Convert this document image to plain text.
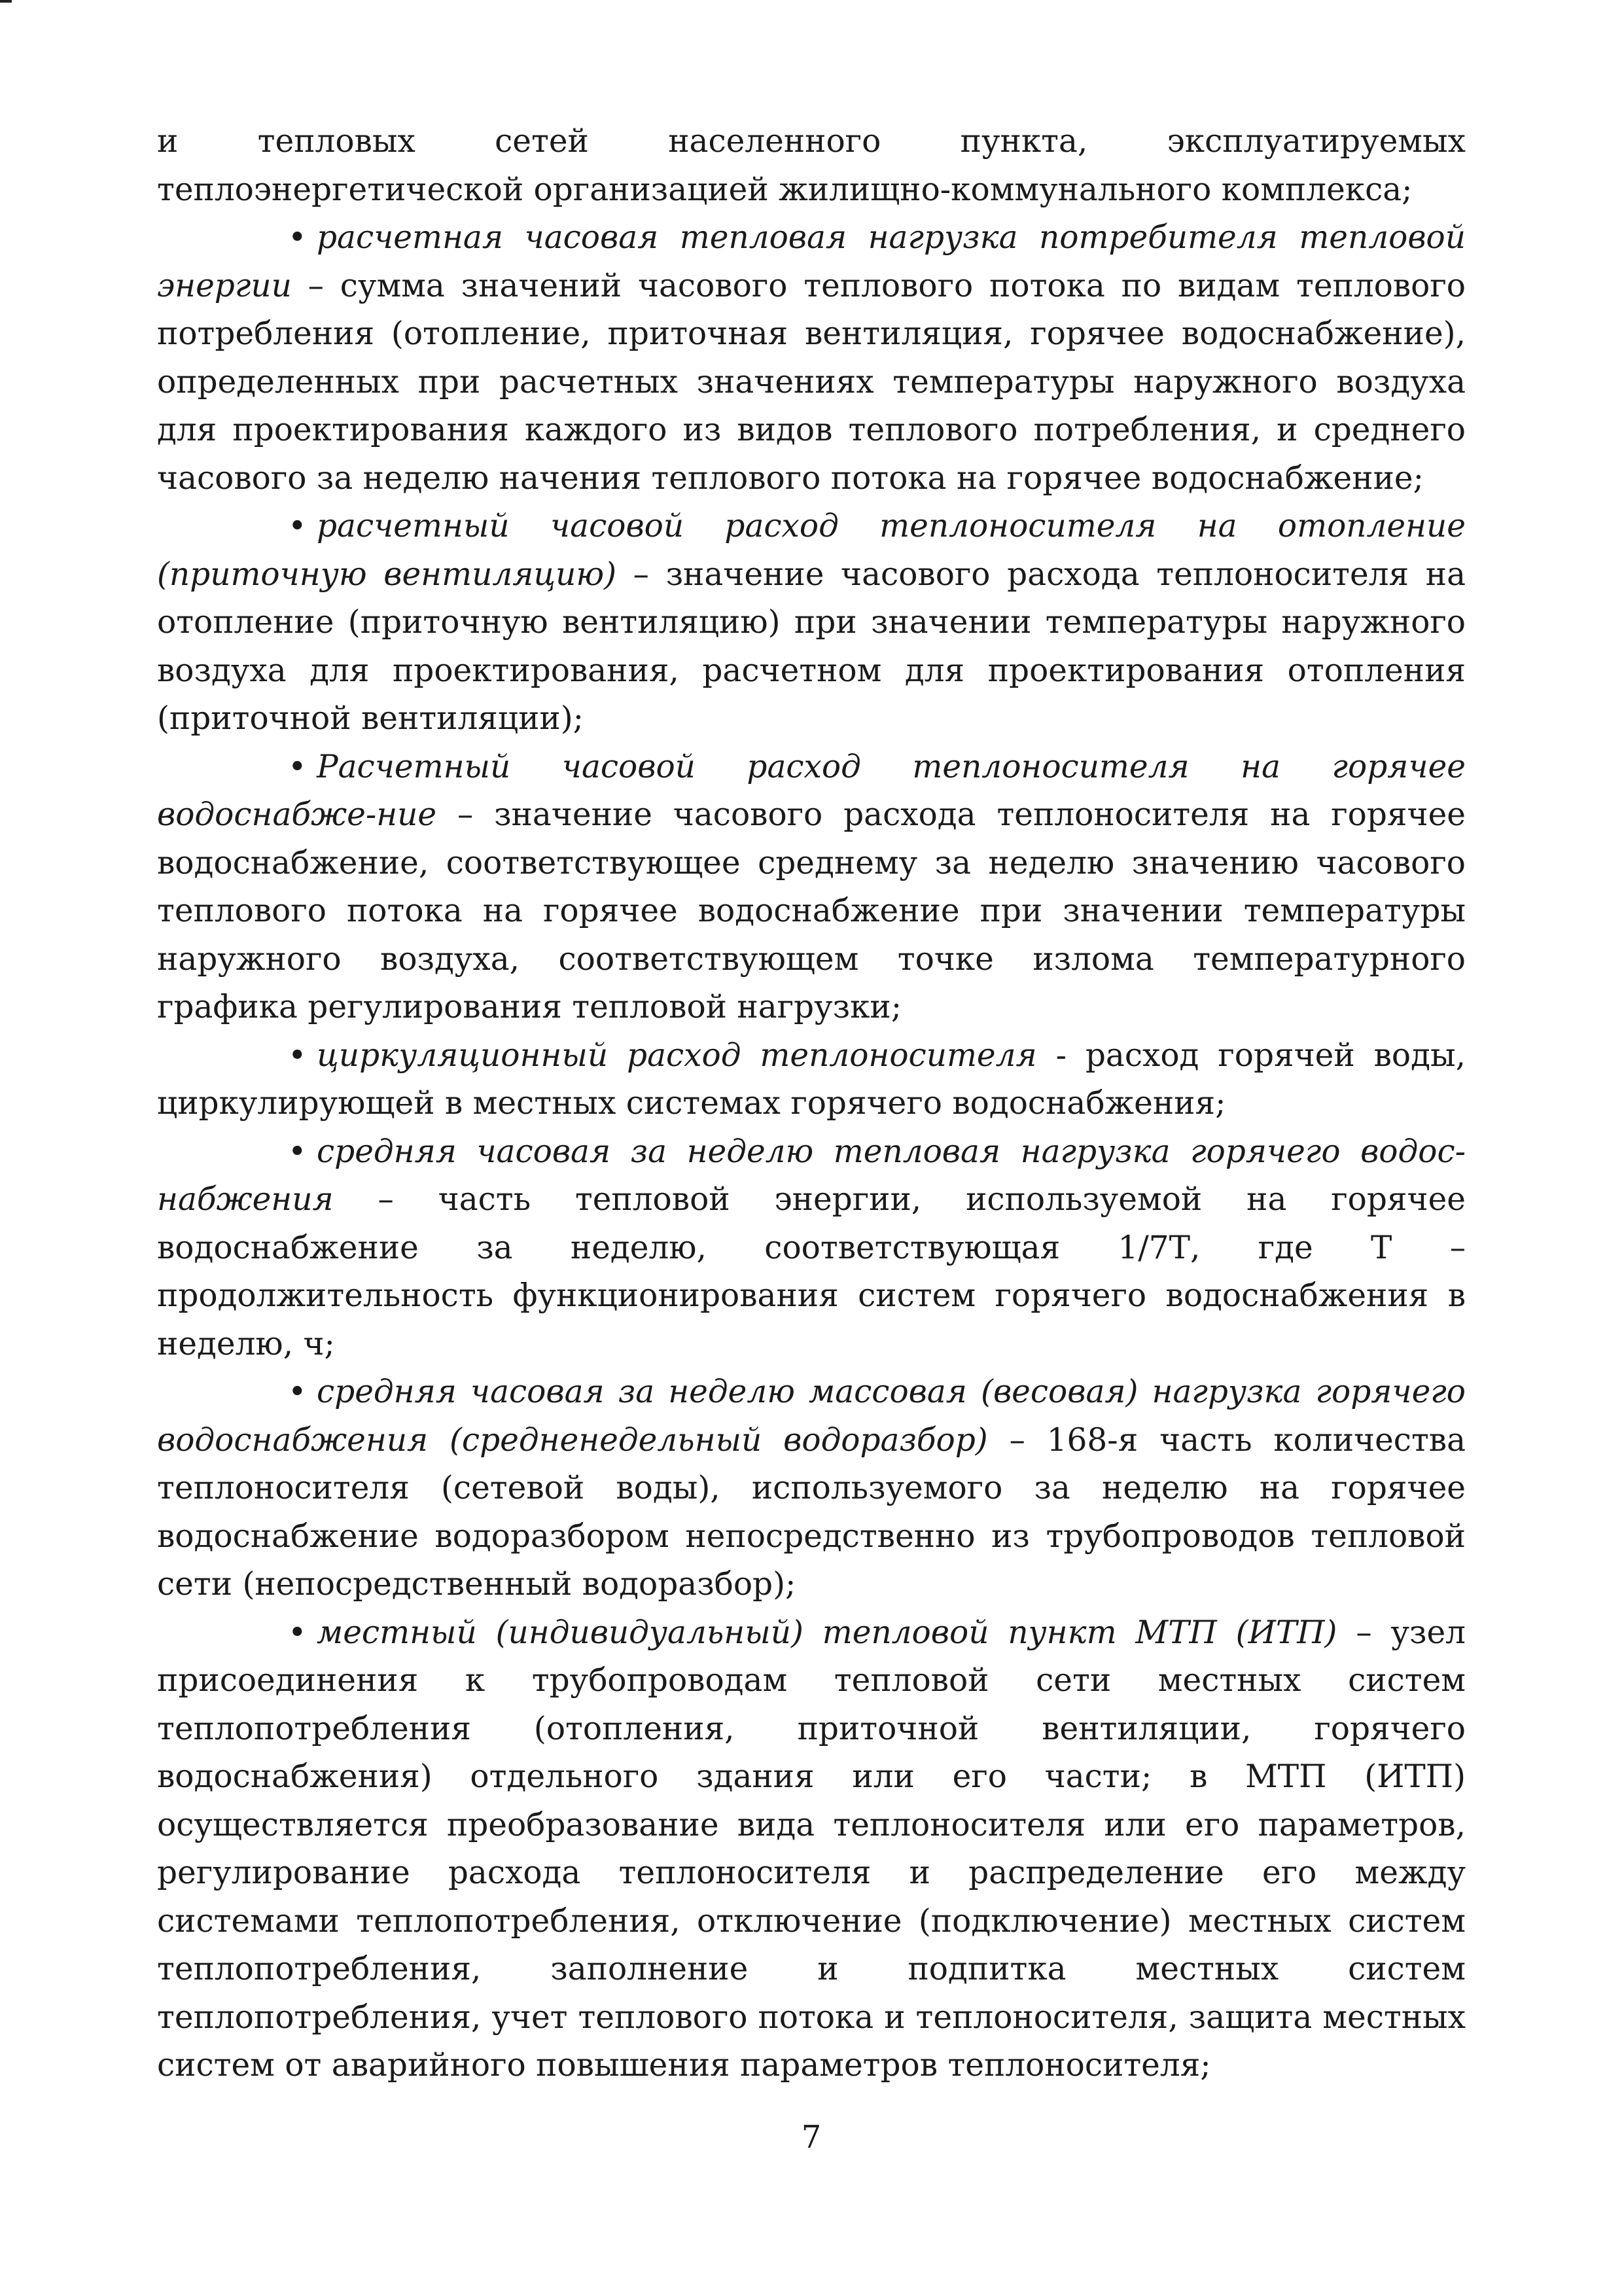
и тепловых сетей населенного пункта, эксплуатируемых теплоэнергетической организацией жилищно-коммунального комплекса;

• расчетная часовая тепловая нагрузка потребителя тепловой энергии – сумма значений часового теплового потока по видам теплового потребления (отопление, приточная вентиляция, горячее водоснабжение), определенных при расчетных значениях температуры наружного воздуха для проектирования каждого из видов теплового потребления, и среднего часового за неделю начения теплового потока на горячее водоснабжение;

• расчетный часовой расход теплоносителя на отопление (приточную вентиляцию) – значение часового расхода теплоносителя на отопление (приточную вентиляцию) при значении температуры наружного воздуха для проектирования, расчетном для проектирования отопления (приточной вентиляции);

• Расчетный часовой расход теплоносителя на горячее водоснабже-ние – значение часового расхода теплоносителя на горячее водоснабжение, соответствующее среднему за неделю значению часового теплового потока на горячее водоснабжение при значении температуры наружного воздуха, соответствующем точке излома температурного графика регулирования тепловой нагрузки;

• циркуляционный расход теплоносителя - расход горячей воды, циркулирующей в местных системах горячего водоснабжения;

• средняя часовая за неделю тепловая нагрузка горячего водос-набжения – часть тепловой энергии, используемой на горячее водоснабжение за неделю, соответствующая 1/7Т, где Т – продолжительность функционирования систем горячего водоснабжения в неделю, ч;

• средняя часовая за неделю массовая (весовая) нагрузка горячего водоснабжения (средненедельный водоразбор) – 168-я часть количества теплоносителя (сетевой воды), используемого за неделю на горячее водоснабжение водоразбором непосредственно из трубопроводов тепловой сети (непосредственный водоразбор);

• местный (индивидуальный) тепловой пункт МТП (ИТП) – узел присоединения к трубопроводам тепловой сети местных систем теплопотребления (отопления, приточной вентиляции, горячего водоснабжения) отдельного здания или его части; в МТП (ИТП) осуществляется преобразование вида теплоносителя или его параметров, регулирование расхода теплоносителя и распределение его между системами теплопотребления, отключение (подключение) местных систем теплопотребления, заполнение и подпитка местных систем теплопотребления, учет теплового потока и теплоносителя, защита местных систем от аварийного повышения параметров теплоносителя;

7
